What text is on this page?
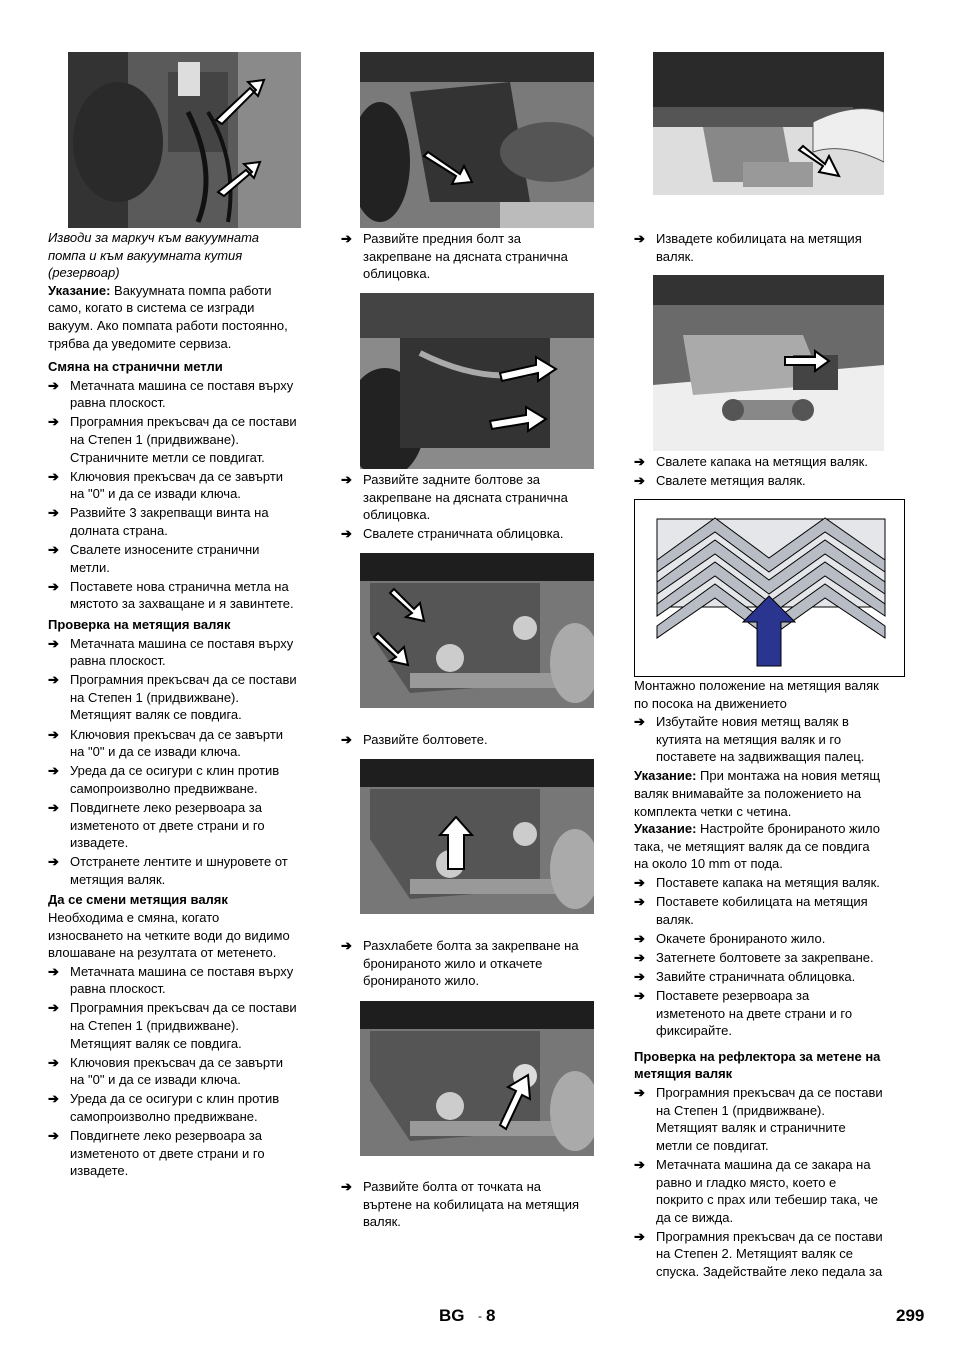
Изводи за маркуч към вакуумната
помпа и към вакуумната кутия
(резервоар)
Указание: Вакуумната помпа работи
само, когато в система се изгради
вакуум. Ако помпата работи постоянно,
трябва да уведомите сервиза.
Смяна на странични метли
➔ Метачната машина се поставя върху
равна плоскост.
➔ Програмния прекъсвач да се постави
на Степен 1 (придвижване).
Страничните метли се повдигат.
➔ Ключовия прекъсвач да се завърти
на "0" и да се извади ключа.
➔ Развийте 3 закрепващи винта на
долната страна.
➔ Свалете износените странични
метли.
➔ Поставете нова странична метла на
мястото за захващане и я завинтете.
Проверка на метящия валяк
➔ Метачната машина се поставя върху
равна плоскост.
➔ Програмния прекъсвач да се постави
на Степен 1 (придвижване).
Метящият валяк се повдига.
➔ Ключовия прекъсвач да се завърти
на "0" и да се извади ключа.
➔ Уреда да се осигури с клин против
самопроизволно предвижване.
➔ Повдигнете леко резервоара за
изметеното от двете страни и го
извадете.
➔ Отстранете лентите и шнуровете от
метящия валяк.
Да се смени метящия валяк
Необходима е смяна, когато
износването на четките води до видимо
влошаване на резултата от метенето.
➔ Метачната машина се поставя върху
равна плоскост.
➔ Програмния прекъсвач да се постави
на Степен 1 (придвижване).
Метящият валяк се повдига.
➔ Ключовия прекъсвач да се завърти
на "0" и да се извади ключа.
➔ Уреда да се осигури с клин против
самопроизволно предвижване.
➔ Повдигнете леко резервоара за
изметеното от двете страни и го
извадете.
➔ Развийте предния болт за
закрепване на дясната странична
облицовка.
➔ Развийте задните болтове за
закрепване на дясната странична
облицовка.
➔ Свалете страничната облицовка.
➔ Развийте болтовете.
➔ Разхлабете болта за закрепване на
бронираното жило и откачете
бронираното жило.
➔ Развийте болта от точката на
въртене на кобилицата на метящия
валяк.
➔ Извадете кобилицата на метящия
валяк.
➔ Свалете капака на метящия валяк.
➔ Свалете метящия валяк.
Монтажно положение на метящия валяк
по посока на движението
➔ Избутайте новия метящ валяк в
кутията на метящия валяк и го
поставете на задвижващия палец.
Указание: При монтажа на новия метящ
валяк внимавайте за положението на
комплекта четки с четина.
Указание: Настройте бронираното жило
така, че метящият валяк да се повдига
на около 10 mm от пода.
➔ Поставете капака на метящия валяк.
➔ Поставете кобилицата на метящия
валяк.
➔ Окачете бронираното жило.
➔ Затегнете болтовете за закрепване.
➔ Завийте страничната облицовка.
➔ Поставете резервоара за
изметеното на двете страни и го
фиксирайте.
Проверка на рефлектора за метене на
метящия валяк
➔ Програмния прекъсвач да се постави
на Степен 1 (придвижване).
Метящият валяк и страничните
метли се повдигат.
➔ Метачната машина да се закара на
равно и гладко място, което е
покрито с прах или тебешир така, че
да се вижда.
➔ Програмния прекъсвач да се постави
на Степен 2. Метящият валяк се
спуска. Задействайте леко педала за
BG - 8	299
